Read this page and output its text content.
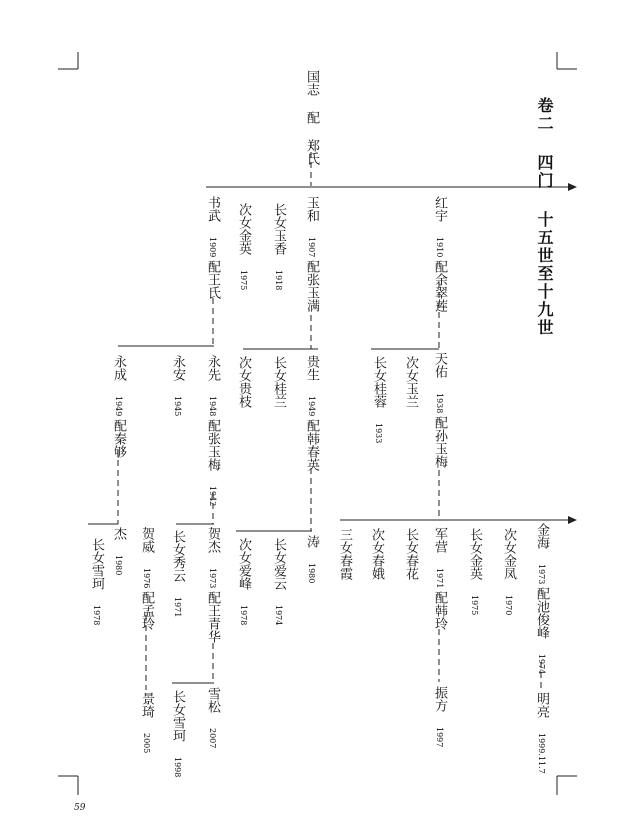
卷二 四门 十五世至十九世
国志 配 郑氏
红宇 1910 配余翠莲
天佑 1938 配孙玉梅
次女玉兰
长女桂蓉 1933
军营 1971 配韩玲
振方 1997
长女春花
次女春娥
三女春霞	金海 1973 配池俊峰 1974
明亮 1999.11.7
次女金凤 1970
长女金英 1975
玉和 1907 配张玉满
长女玉香 1918
次女金英 1975
贵生 1949 配韩春英
长女桂兰
次女贵枝
涛 1980
长女爱云 1974
次女爱峰 1978
书武 1909 配王氏
永先 1948 配张玉梅 1942
永安 1945
永成 1949 配秦够
贺杰 1973 配王青华
长女秀云 1971
贺威 1976 配孟玲
杰 1980
长女雪珂 1978
雪松 2007
长女雪珂 1998
景琦 2005
59
